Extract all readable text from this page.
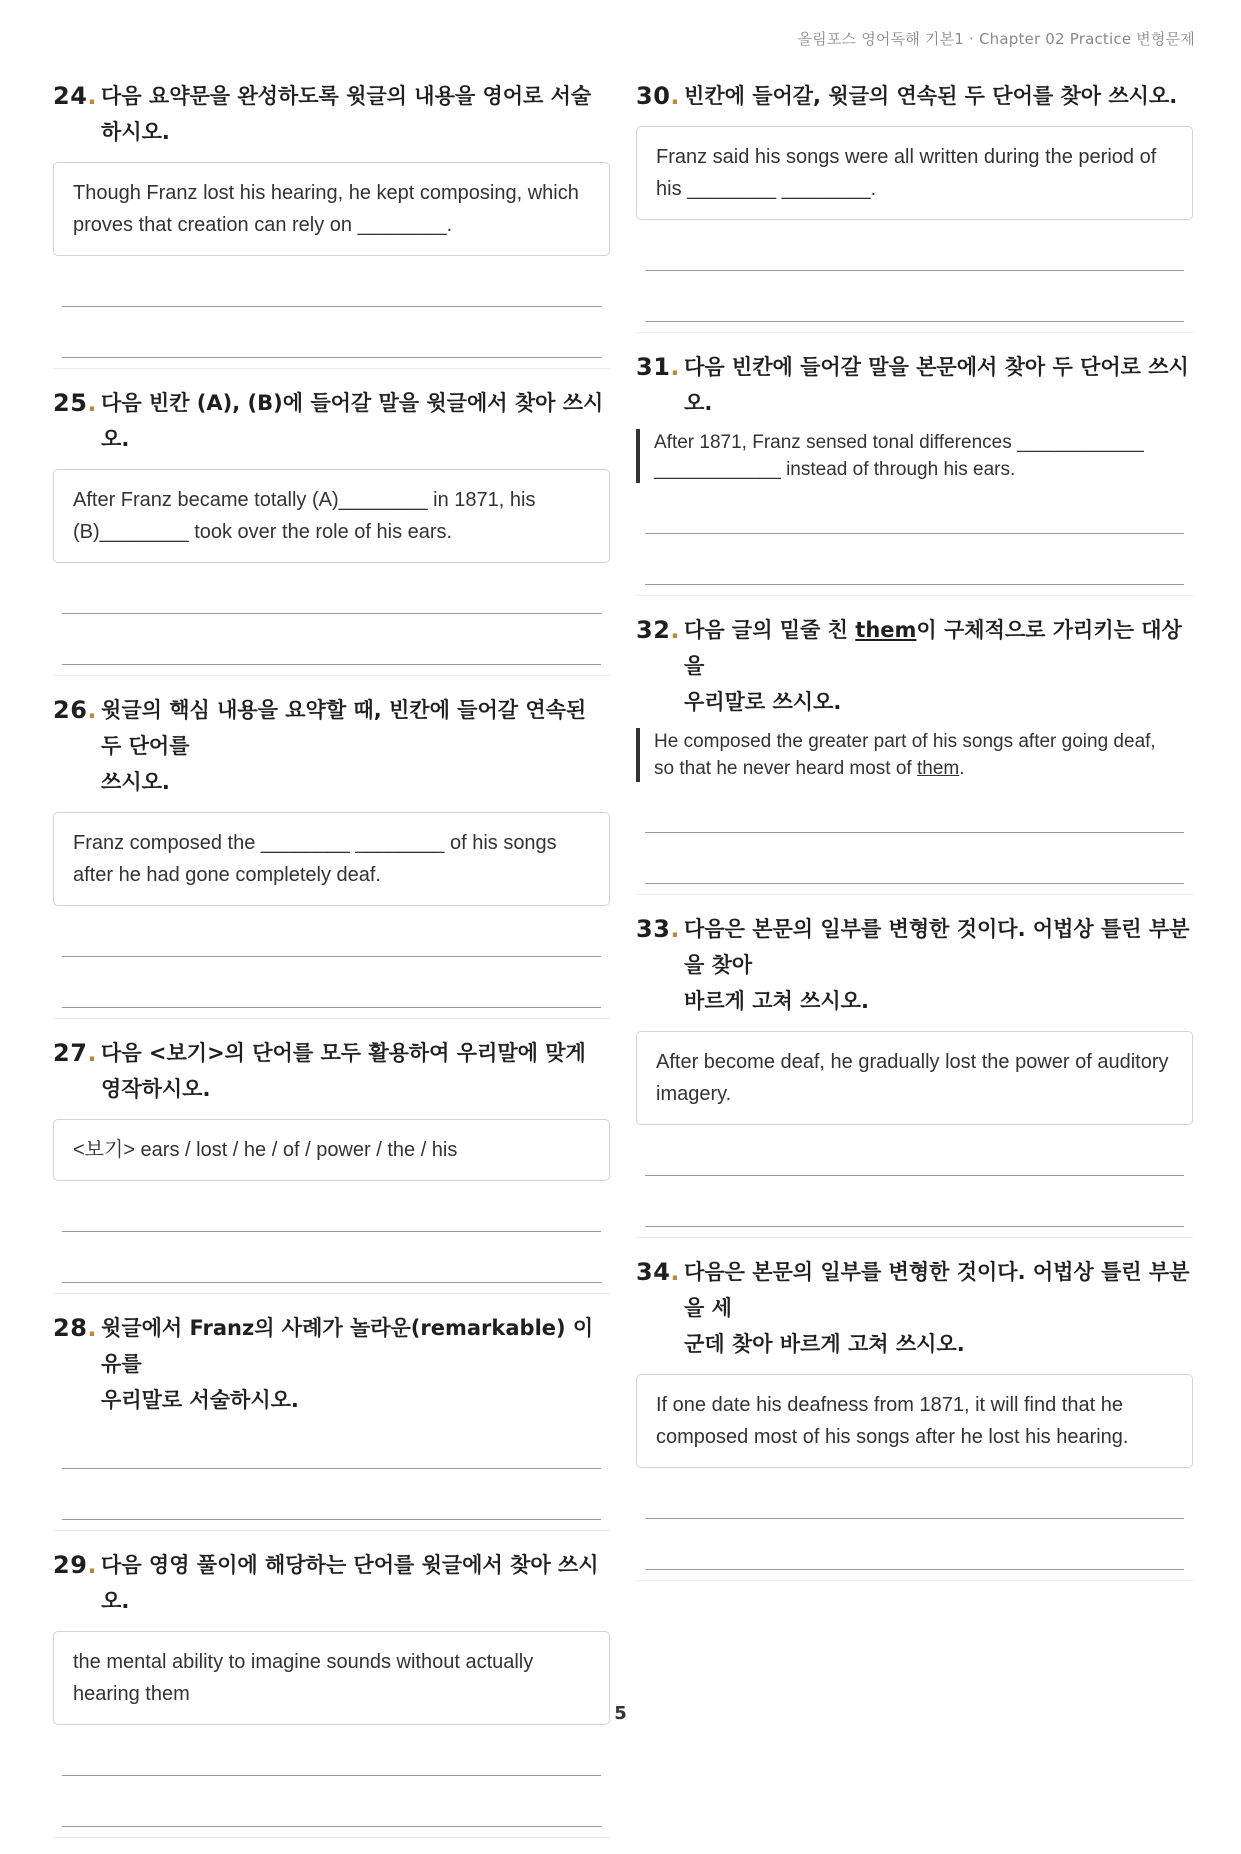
올림포스 영어독해 기본1 · Chapter 02 Practice 변형문제
24. 다음 요약문을 완성하도록 윗글의 내용을 영어로 서술하시오.
Though Franz lost his hearing, he kept composing, which proves that creation can rely on ________.
25. 다음 빈칸 (A), (B)에 들어갈 말을 윗글에서 찾아 쓰시오.
After Franz became totally (A)________ in 1871, his (B)________ took over the role of his ears.
26. 윗글의 핵심 내용을 요약할 때, 빈칸에 들어갈 연속된 두 단어를
쓰시오.
Franz composed the ________ ________ of his songs after he had gone completely deaf.
27. 다음 <보기>의 단어를 모두 활용하여 우리말에 맞게
영작하시오.
<보기> ears / lost / he / of / power / the / his
28. 윗글에서 Franz의 사례가 놀라운(remarkable) 이유를
우리말로 서술하시오.
29. 다음 영영 풀이에 해당하는 단어를 윗글에서 찾아 쓰시오.
the mental ability to imagine sounds without actually hearing them
30. 빈칸에 들어갈, 윗글의 연속된 두 단어를 찾아 쓰시오.
Franz said his songs were all written during the period of his ________ ________.
31. 다음 빈칸에 들어갈 말을 본문에서 찾아 두 단어로 쓰시오.
After 1871, Franz sensed tonal differences ____________
____________ instead of through his ears.
32. 다음 글의 밑줄 친 them이 구체적으로 가리키는 대상을
우리말로 쓰시오.
He composed the greater part of his songs after going deaf,
so that he never heard most of them.
33. 다음은 본문의 일부를 변형한 것이다. 어법상 틀린 부분을 찾아
바르게 고쳐 쓰시오.
After become deaf, he gradually lost the power of auditory imagery.
34. 다음은 본문의 일부를 변형한 것이다. 어법상 틀린 부분을 세
군데 찾아 바르게 고쳐 쓰시오.
If one date his deafness from 1871, it will find that he composed most of his songs after he lost his hearing.
5
